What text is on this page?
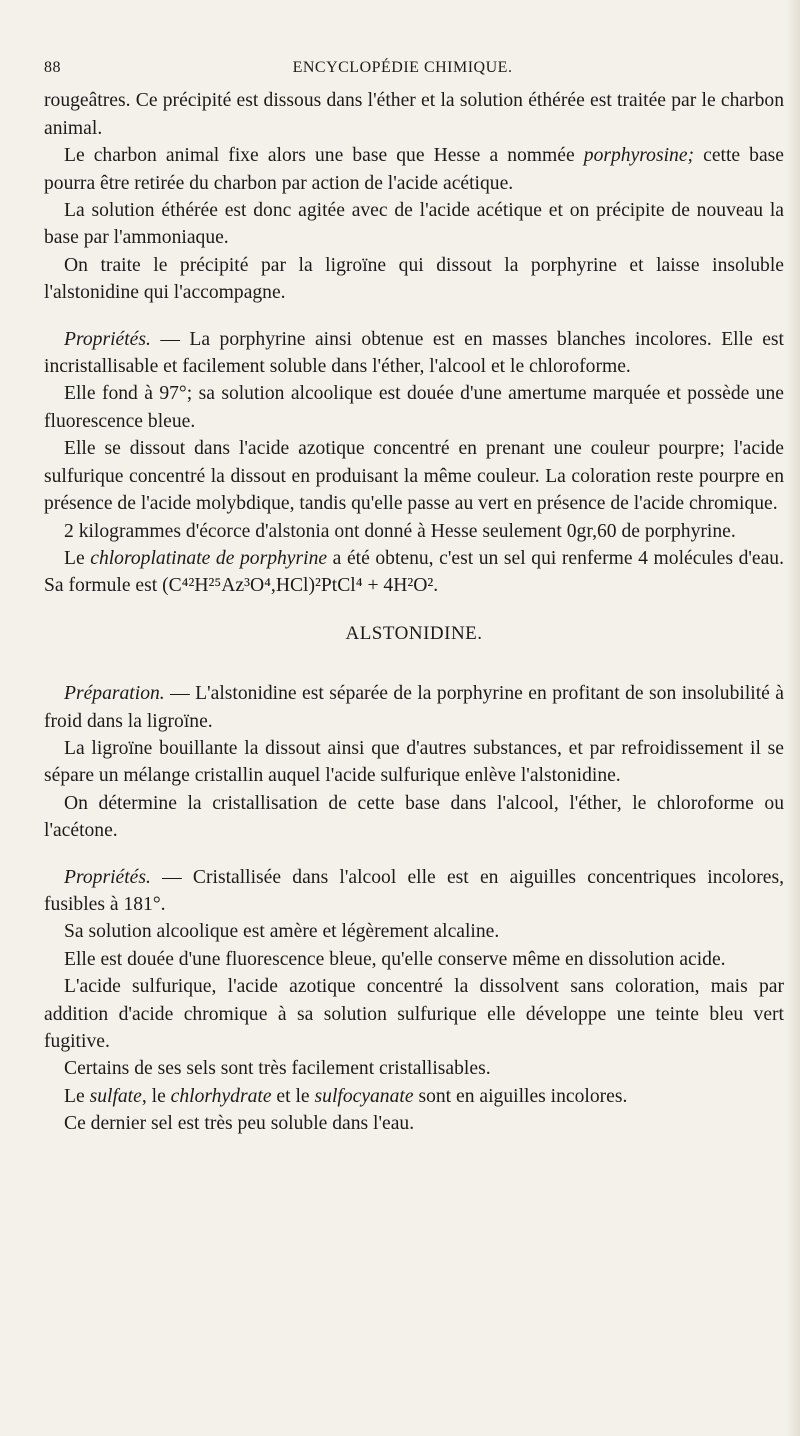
88	ENCYCLOPÉDIE CHIMIQUE.

rougeâtres. Ce précipité est dissous dans l'éther et la solution éthérée est traitée par le charbon animal.

Le charbon animal fixe alors une base que Hesse a nommée porphyrosine; cette base pourra être retirée du charbon par action de l'acide acétique.

La solution éthérée est donc agitée avec de l'acide acétique et on précipite de nouveau la base par l'ammoniaque.

On traite le précipité par la ligroïne qui dissout la porphyrine et laisse insoluble l'alstonidine qui l'accompagne.

Propriétés. — La porphyrine ainsi obtenue est en masses blanches incolores. Elle est incristallisable et facilement soluble dans l'éther, l'alcool et le chloroforme.

Elle fond à 97°; sa solution alcoolique est douée d'une amertume marquée et possède une fluorescence bleue.

Elle se dissout dans l'acide azotique concentré en prenant une couleur pourpre; l'acide sulfurique concentré la dissout en produisant la même couleur. La coloration reste pourpre en présence de l'acide molybdique, tandis qu'elle passe au vert en présence de l'acide chromique.

2 kilogrammes d'écorce d'alstonia ont donné à Hesse seulement 0gr,60 de porphyrine.

Le chloroplatinate de porphyrine a été obtenu, c'est un sel qui renferme 4 molécules d'eau. Sa formule est (C⁴²H²⁵Az³O⁴,HCl)²PtCl⁴ + 4H²O².

ALSTONIDINE.

Préparation. — L'alstonidine est séparée de la porphyrine en profitant de son insolubilité à froid dans la ligroïne.

La ligroïne bouillante la dissout ainsi que d'autres substances, et par refroidissement il se sépare un mélange cristallin auquel l'acide sulfurique enlève l'alstonidine.

On détermine la cristallisation de cette base dans l'alcool, l'éther, le chloroforme ou l'acétone.

Propriétés. — Cristallisée dans l'alcool elle est en aiguilles concentriques incolores, fusibles à 181°.

Sa solution alcoolique est amère et légèrement alcaline.

Elle est douée d'une fluorescence bleue, qu'elle conserve même en dissolution acide.

L'acide sulfurique, l'acide azotique concentré la dissolvent sans coloration, mais par addition d'acide chromique à sa solution sulfurique elle développe une teinte bleu vert fugitive.

Certains de ses sels sont très facilement cristallisables.

Le sulfate, le chlorhydrate et le sulfocyanate sont en aiguilles incolores.

Ce dernier sel est très peu soluble dans l'eau.
